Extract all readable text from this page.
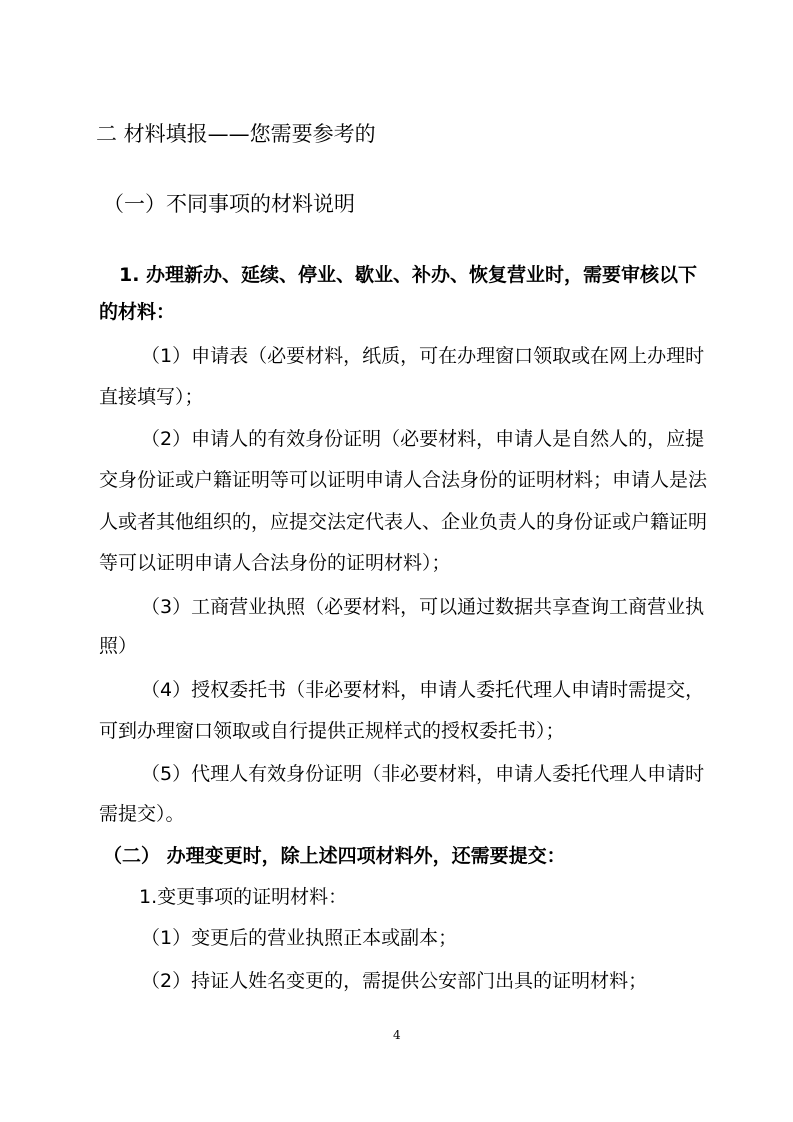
二 材料填报——您需要参考的
（一）不同事项的材料说明
1. 办理新办、延续、停业、歇业、补办、恢复营业时，需要审核以下
的材料：
（1）申请表（必要材料，纸质，可在办理窗口领取或在网上办理时
直接填写）；
（2）申请人的有效身份证明（必要材料，申请人是自然人的，应提
交身份证或户籍证明等可以证明申请人合法身份的证明材料；申请人是法
人或者其他组织的，应提交法定代表人、企业负责人的身份证或户籍证明
等可以证明申请人合法身份的证明材料）；
（3）工商营业执照（必要材料，可以通过数据共享查询工商营业执
照）
（4）授权委托书（非必要材料，申请人委托代理人申请时需提交，
可到办理窗口领取或自行提供正规样式的授权委托书）；
（5）代理人有效身份证明（非必要材料，申请人委托代理人申请时
需提交）。
（二） 办理变更时，除上述四项材料外，还需要提交：
1.变更事项的证明材料：
（1）变更后的营业执照正本或副本；
（2）持证人姓名变更的，需提供公安部门出具的证明材料；
4
